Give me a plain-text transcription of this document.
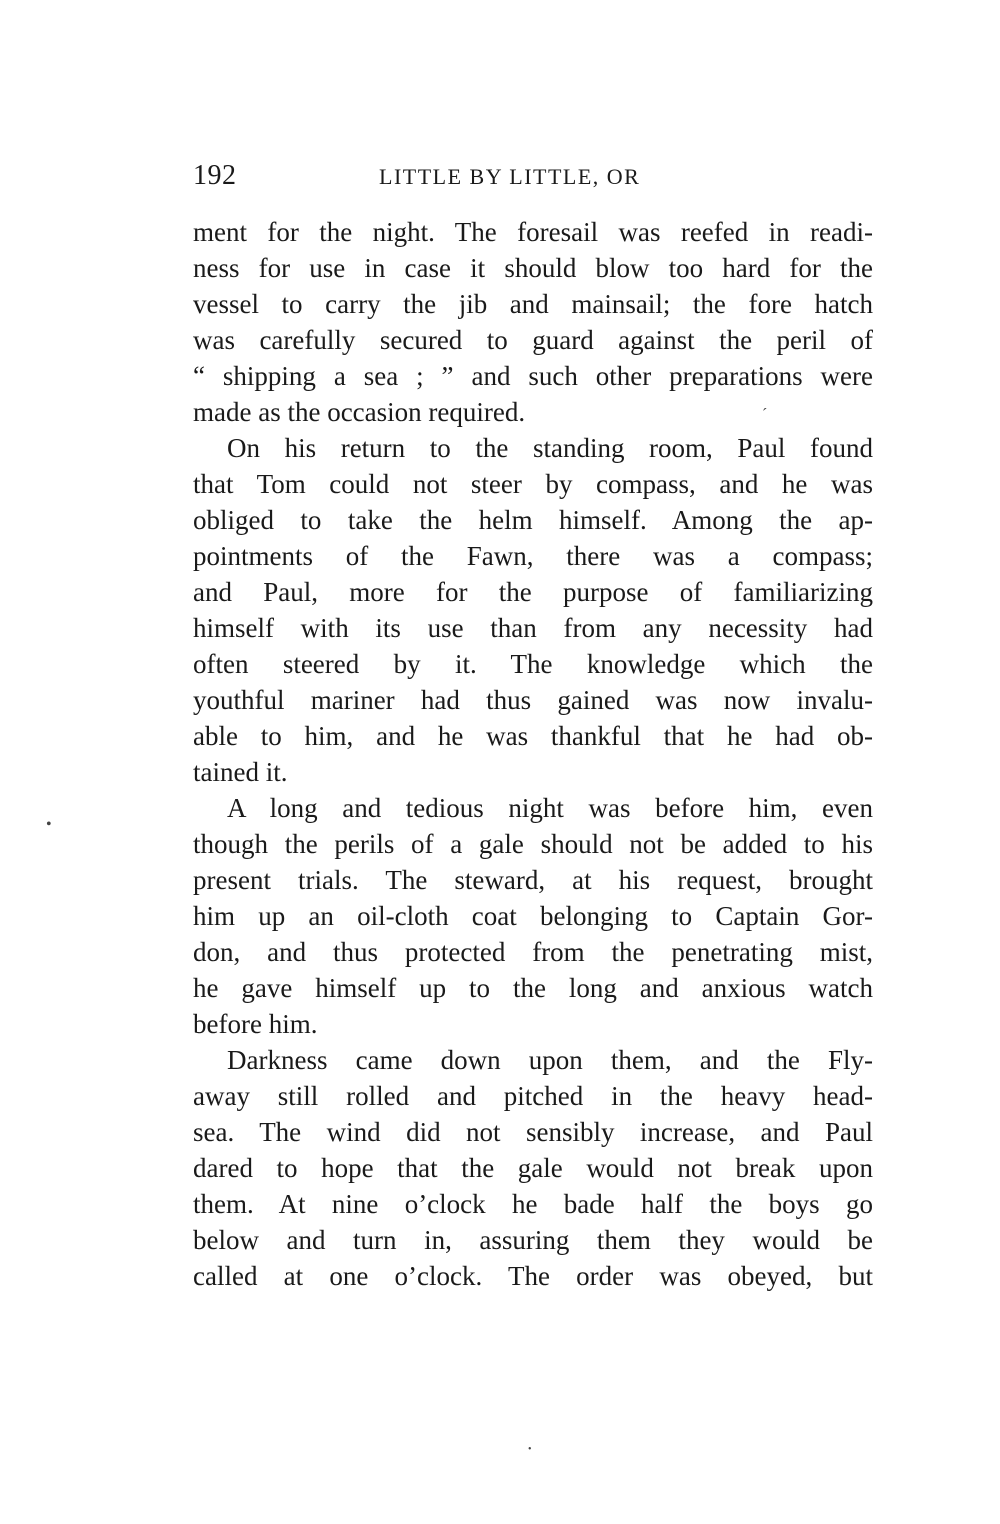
192	LITTLE BY LITTLE, OR
ment for the night. The foresail was reefed in readi-
ness for use in case it should blow too hard for the
vessel to carry the jib and mainsail; the fore hatch
was carefully secured to guard against the peril of
“ shipping a sea ; ” and such other preparations were
made as the occasion required.
On his return to the standing room, Paul found
that Tom could not steer by compass, and he was
obliged to take the helm himself. Among the ap-
pointments of the Fawn, there was a compass;
and Paul, more for the purpose of familiarizing
himself with its use than from any necessity had
often steered by it. The knowledge which the
youthful mariner had thus gained was now invalu-
able to him, and he was thankful that he had ob-
tained it.
A long and tedious night was before him, even
though the perils of a gale should not be added to his
present trials. The steward, at his request, brought
him up an oil-cloth coat belonging to Captain Gor-
don, and thus protected from the penetrating mist,
he gave himself up to the long and anxious watch
before him.
Darkness came down upon them, and the Fly-
away still rolled and pitched in the heavy head-
sea. The wind did not sensibly increase, and Paul
dared to hope that the gale would not break upon
them. At nine o’clock he bade half the boys go
below and turn in, assuring them they would be
called at one o’clock. The order was obeyed, but
ˊ
•
•
